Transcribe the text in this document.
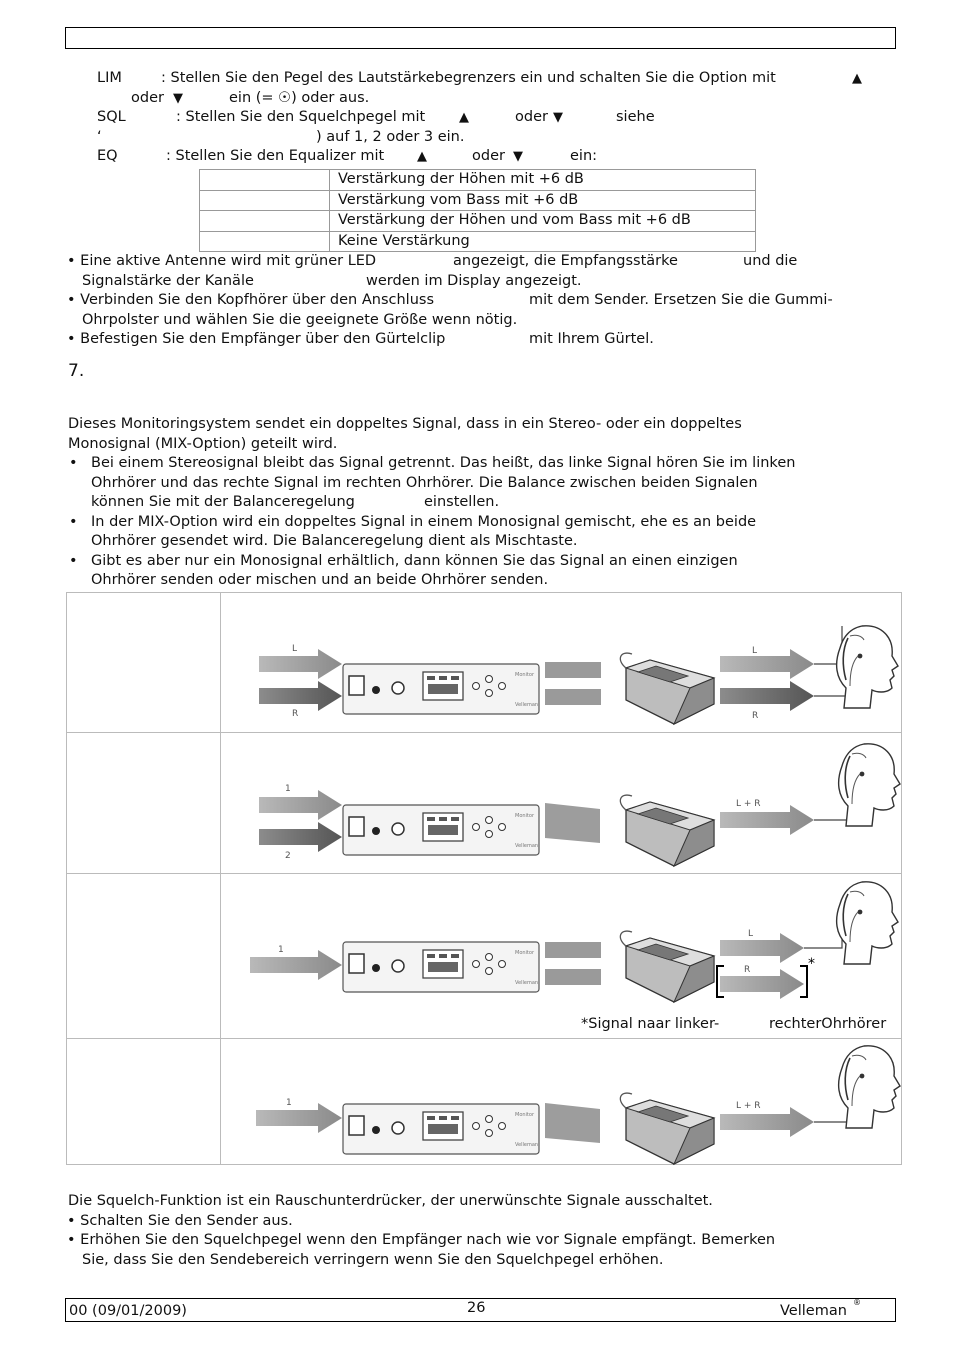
LIM	: Stellen Sie den Pegel des Lautstärkebegrenzers ein und schalten Sie die Option mit	▲
oder ▼	ein (= ☉) oder aus.
SQL	: Stellen Sie den Squelchpegel mit	▲	oder ▼	siehe
‘	) auf 1, 2 oder 3 ein.
EQ	: Stellen Sie den Equalizer mit	▲	oder ▼	ein:
	Verstärkung der Höhen mit +6 dB
	Verstärkung vom Bass mit +6 dB
	Verstärkung der Höhen und vom Bass mit +6 dB
	Keine Verstärkung
• Eine aktive Antenne wird mit grüner LED	angezeigt, die Empfangsstärke	und die
Signalstärke der Kanäle	werden im Display angezeigt.
• Verbinden Sie den Kopfhörer über den Anschluss	mit dem Sender. Ersetzen Sie die Gummi-
Ohrpolster und wählen Sie die geeignete Größe wenn nötig.
• Befestigen Sie den Empfänger über den Gürtelclip	mit Ihrem Gürtel.
7.
Dieses Monitoringsystem sendet ein doppeltes Signal, dass in ein Stereo- oder ein doppeltes
Monosignal (MIX-Option) geteilt wird.
• Bei einem Stereosignal bleibt das Signal getrennt. Das heißt, das linke Signal hören Sie im linken
Ohrhörer und das rechte Signal im rechten Ohrhörer. Die Balance zwischen beiden Signalen
können Sie mit der Balanceregelung	einstellen.
• In der MIX-Option wird ein doppeltes Signal in einem Monosignal gemischt, ehe es an beide
Ohrhörer gesendet wird. Die Balanceregelung dient als Mischtaste.
• Gibt es aber nur ein Monosignal erhältlich, dann können Sie das Signal an einen einzigen
Ohrhörer senden oder mischen und an beide Ohrhörer senden.
Monitor
Velleman
L
R
L
R
1
2
L + R
1
L
R	*
1	L + R
*Signal naar linker-	rechterOhrhörer
Die Squelch-Funktion ist ein Rauschunterdrücker, der unerwünschte Signale ausschaltet.
• Schalten Sie den Sender aus.
• Erhöhen Sie den Squelchpegel wenn den Empfänger nach wie vor Signale empfängt. Bemerken
Sie, dass Sie den Sendebereich verringern wenn Sie den Squelchpegel erhöhen.
00 (09/01/2009)	26	Velleman
®
